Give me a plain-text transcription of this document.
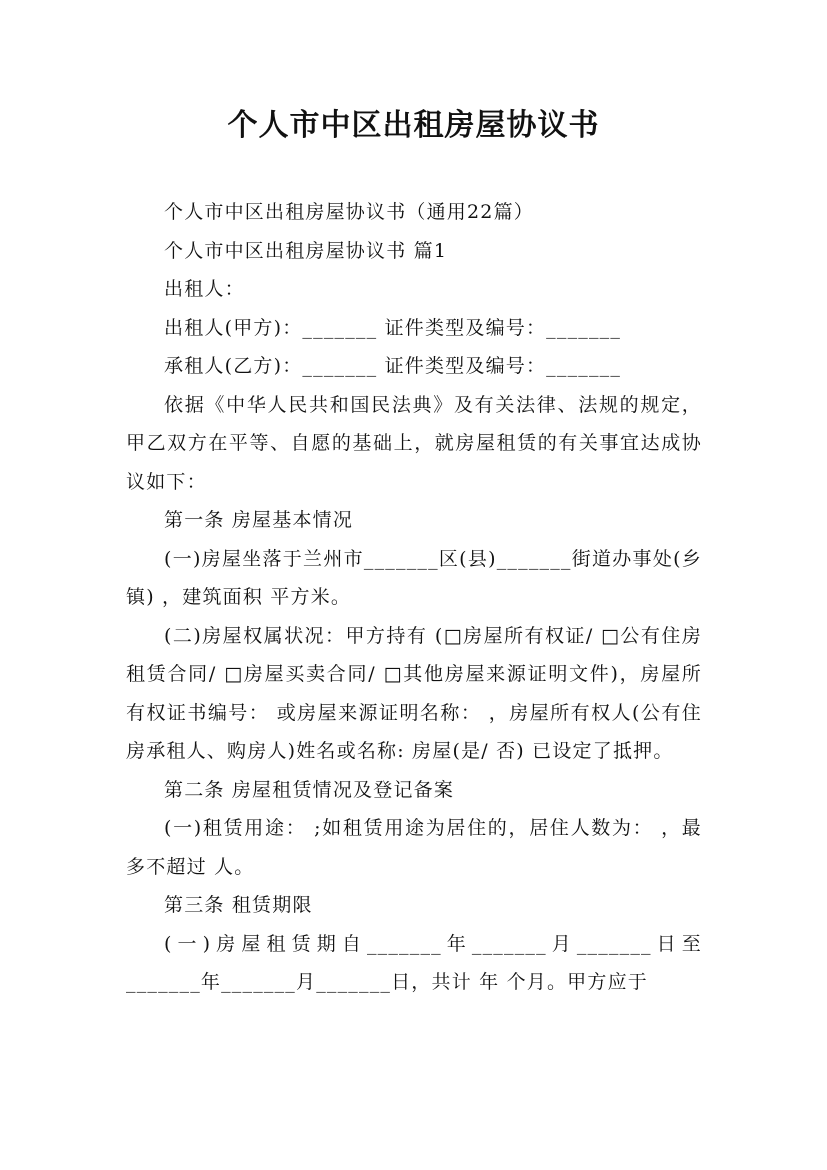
个人市中区出租房屋协议书

个人市中区出租房屋协议书（通用22篇）

个人市中区出租房屋协议书 篇1

出租人：

出租人(甲方)：_______ 证件类型及编号：_______

承租人(乙方)：_______ 证件类型及编号：_______

依据《中华人民共和国民法典》及有关法律、法规的规定，甲乙双方在平等、自愿的基础上，就房屋租赁的有关事宜达成协议如下：

第一条 房屋基本情况

(一)房屋坐落于兰州市_______区(县)_______街道办事处(乡镇) ，建筑面积 平方米。

(二)房屋权属状况：甲方持有 (□房屋所有权证/ □公有住房租赁合同/ □房屋买卖合同/ □其他房屋来源证明文件)，房屋所有权证书编号： 或房屋来源证明名称： ，房屋所有权人(公有住房承租人、购房人)姓名或名称: 房屋(是/ 否) 已设定了抵押。

第二条 房屋租赁情况及登记备案

(一)租赁用途： ;如租赁用途为居住的，居住人数为： ，最多不超过 人。

第三条 租赁期限

(一)房屋租赁期自_______年_______月_______日至_______年_______月_______日，共计 年 个月。甲方应于
